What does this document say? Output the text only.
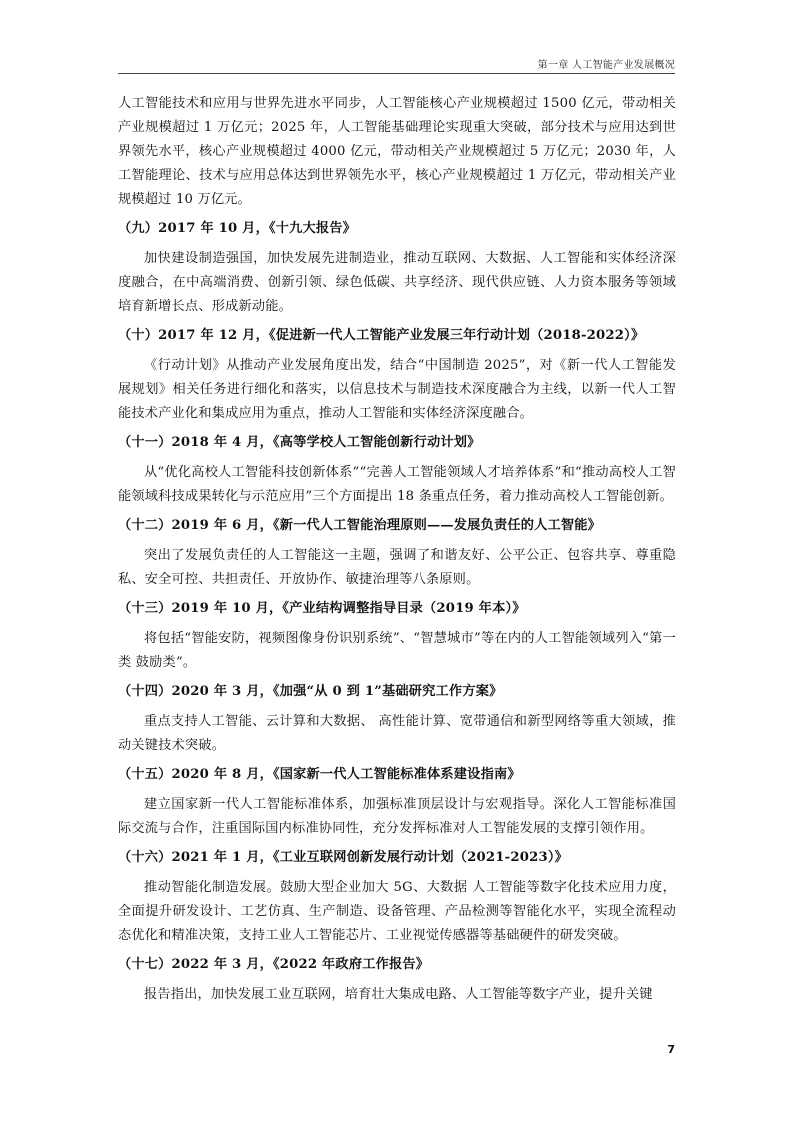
第一章 人工智能产业发展概况

人工智能技术和应用与世界先进水平同步，人工智能核心产业规模超过 1500 亿元，带动相关产业规模超过 1 万亿元；2025 年，人工智能基础理论实现重大突破，部分技术与应用达到世界领先水平，核心产业规模超过 4000 亿元，带动相关产业规模超过 5 万亿元；2030 年，人工智能理论、技术与应用总体达到世界领先水平，核心产业规模超过 1 万亿元，带动相关产业规模超过 10 万亿元。

（九）2017 年 10 月，《十九大报告》

加快建设制造强国，加快发展先进制造业，推动互联网、大数据、人工智能和实体经济深度融合，在中高端消费、创新引领、绿色低碳、共享经济、现代供应链、人力资本服务等领域培育新增长点、形成新动能。

（十）2017 年 12 月，《促进新一代人工智能产业发展三年行动计划（2018-2022）》

《行动计划》从推动产业发展角度出发，结合“中国制造 2025”，对《新一代人工智能发展规划》相关任务进行细化和落实，以信息技术与制造技术深度融合为主线，以新一代人工智能技术产业化和集成应用为重点，推动人工智能和实体经济深度融合。

（十一）2018 年 4 月，《高等学校人工智能创新行动计划》

从“优化高校人工智能科技创新体系”“完善人工智能领域人才培养体系”和“推动高校人工智能领域科技成果转化与示范应用”三个方面提出 18 条重点任务，着力推动高校人工智能创新。

（十二）2019 年 6 月，《新一代人工智能治理原则——发展负责任的人工智能》

突出了发展负责任的人工智能这一主题，强调了和谐友好、公平公正、包容共享、尊重隐私、安全可控、共担责任、开放协作、敏捷治理等八条原则。

（十三）2019 年 10 月，《产业结构调整指导目录（2019 年本）》

将包括“智能安防，视频图像身份识别系统”、“智慧城市”等在内的人工智能领域列入“第一类 鼓励类”。

（十四）2020 年 3 月，《加强“从 0 到 1”基础研究工作方案》

重点支持人工智能、云计算和大数据、 高性能计算、宽带通信和新型网络等重大领域，推动关键技术突破。

（十五）2020 年 8 月，《国家新一代人工智能标准体系建设指南》

建立国家新一代人工智能标准体系，加强标准顶层设计与宏观指导。深化人工智能标准国际交流与合作，注重国际国内标准协同性，充分发挥标准对人工智能发展的支撑引领作用。

（十六）2021 年 1 月，《工业互联网创新发展行动计划（2021-2023）》

推动智能化制造发展。鼓励大型企业加大 5G、大数据 人工智能等数字化技术应用力度，全面提升研发设计、工艺仿真、生产制造、设备管理、产品检测等智能化水平，实现全流程动态优化和精准决策，支持工业人工智能芯片、工业视觉传感器等基础硬件的研发突破。

（十七）2022 年 3 月，《2022 年政府工作报告》

报告指出，加快发展工业互联网，培育壮大集成电路、人工智能等数字产业，提升关键

7
